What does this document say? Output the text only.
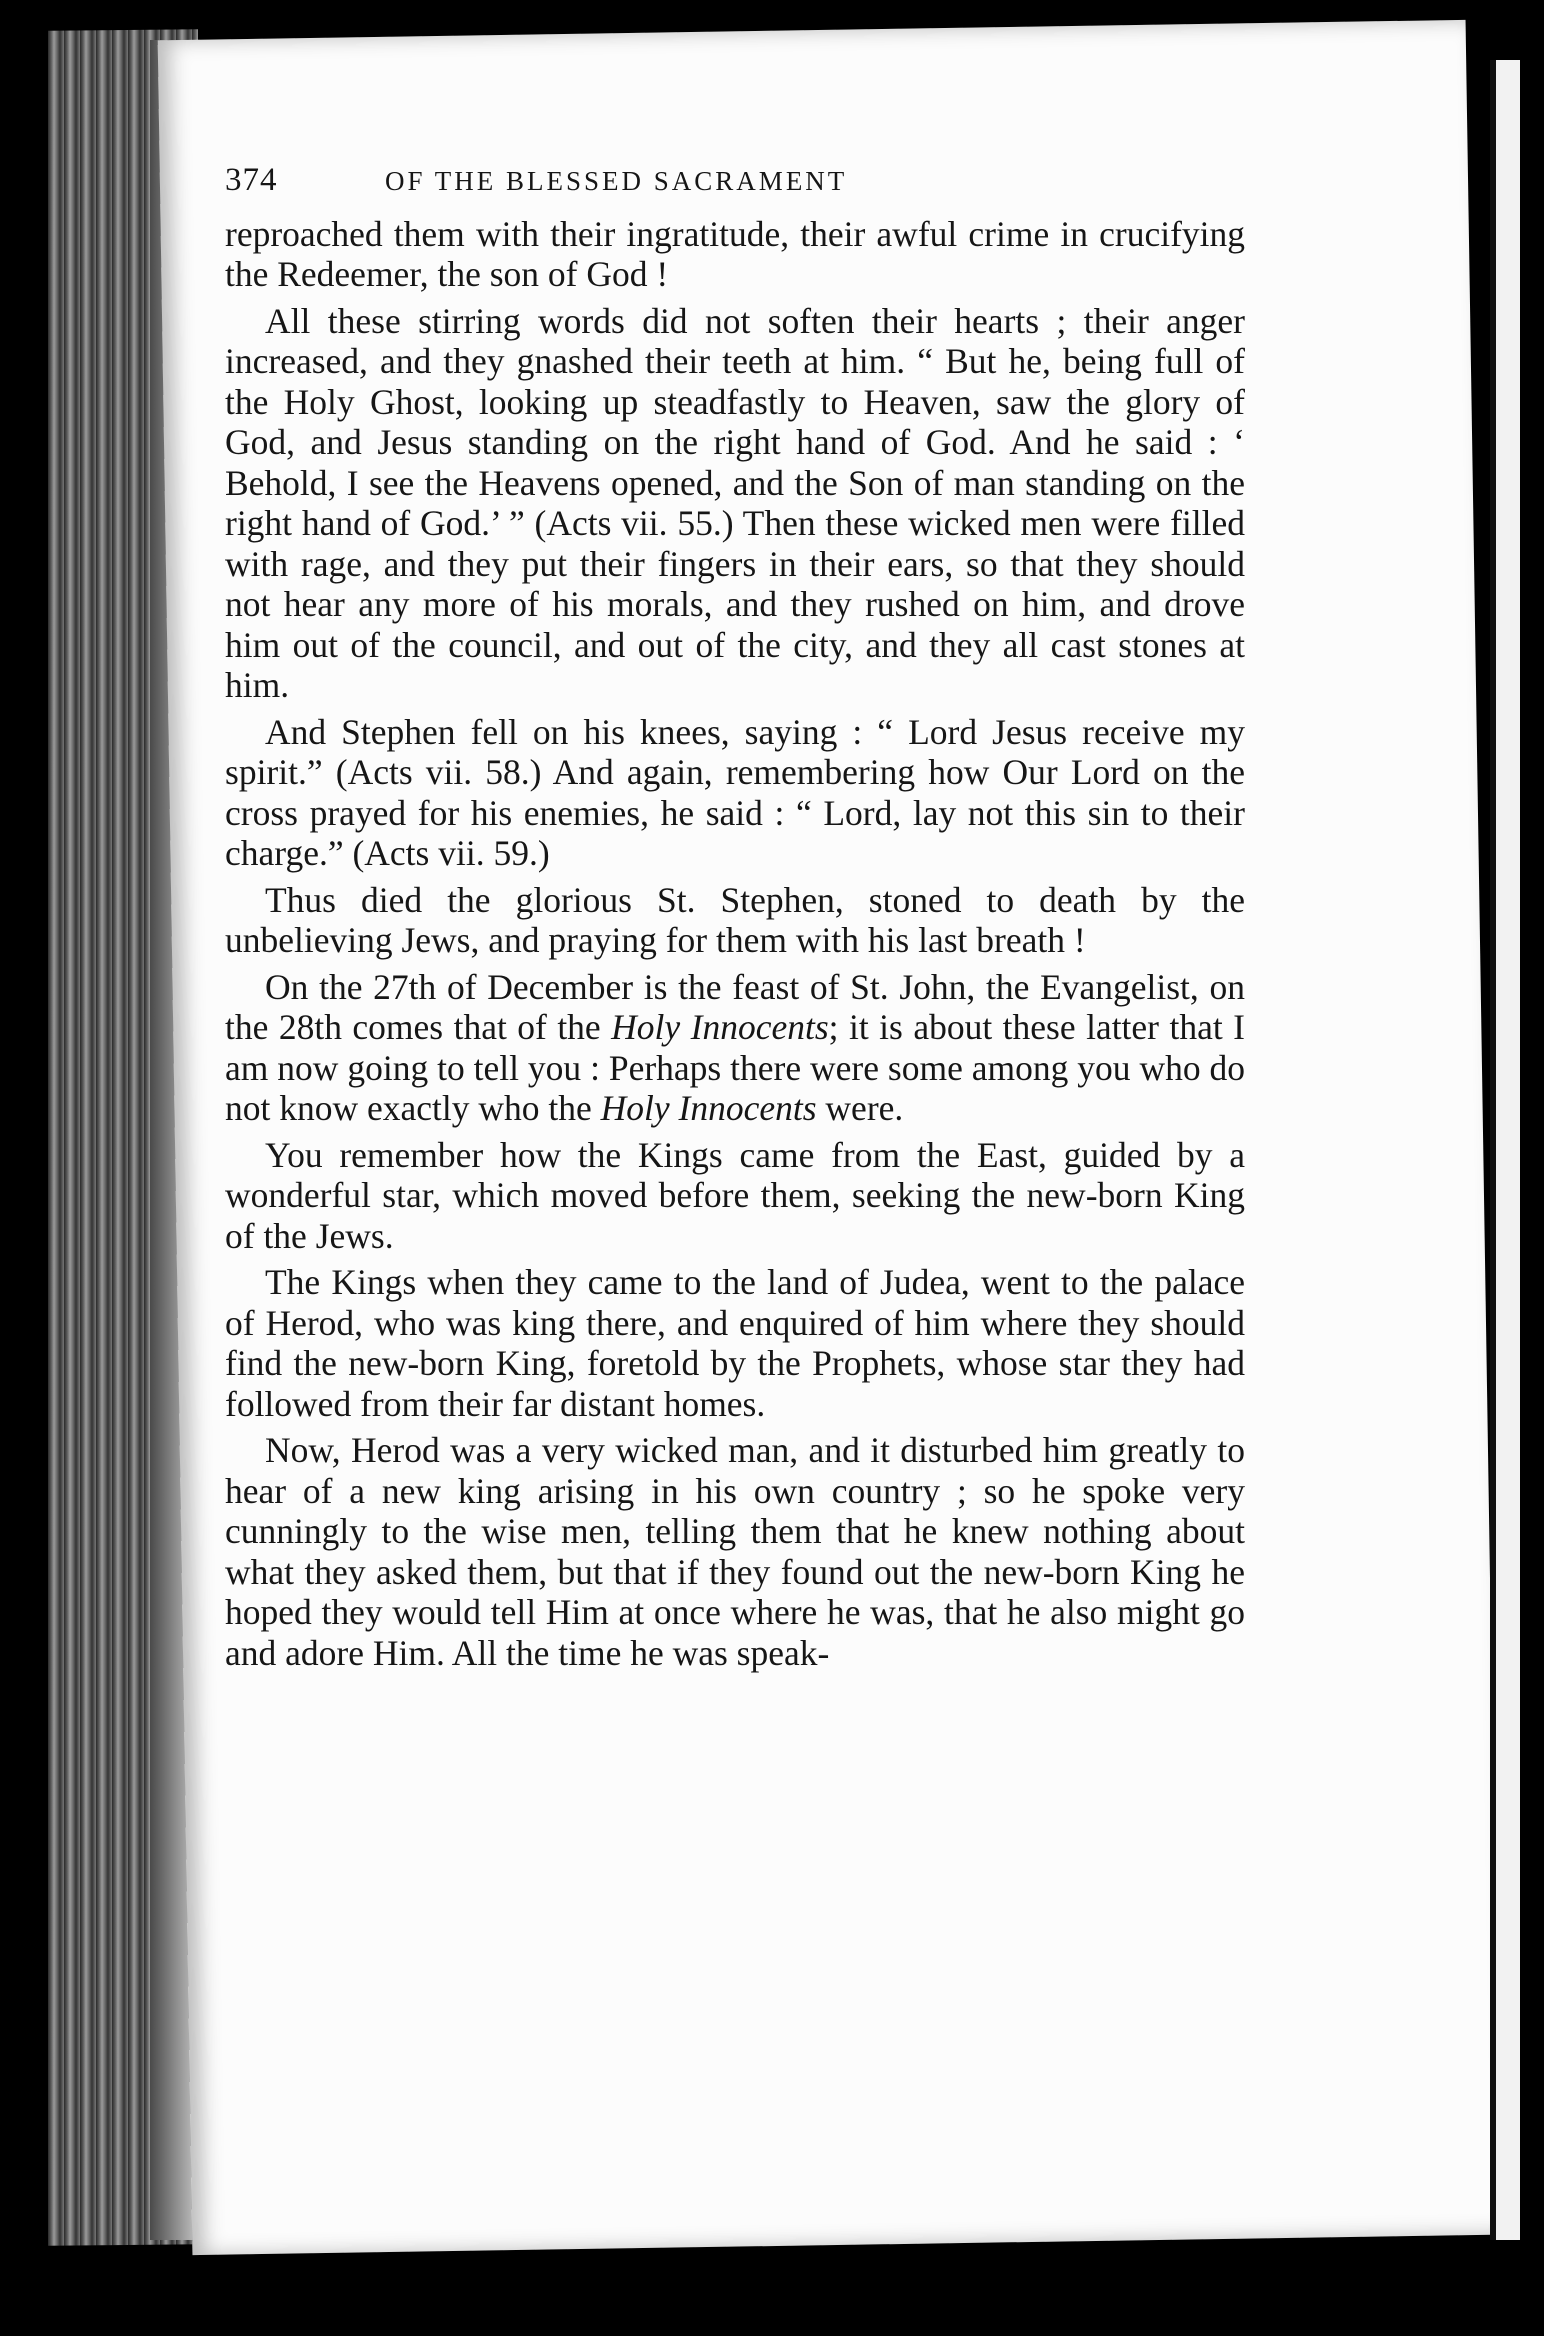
374	OF THE BLESSED SACRAMENT

reproached them with their ingratitude, their awful crime in crucifying the Redeemer, the son of God !

All these stirring words did not soften their hearts ; their anger increased, and they gnashed their teeth at him. “ But he, being full of the Holy Ghost, looking up steadfastly to Heaven, saw the glory of God, and Jesus standing on the right hand of God. And he said : ‘ Behold, I see the Heavens opened, and the Son of man standing on the right hand of God.’ ” (Acts vii. 55.) Then these wicked men were filled with rage, and they put their fingers in their ears, so that they should not hear any more of his morals, and they rushed on him, and drove him out of the council, and out of the city, and they all cast stones at him.

And Stephen fell on his knees, saying : “ Lord Jesus receive my spirit.” (Acts vii. 58.) And again, remembering how Our Lord on the cross prayed for his enemies, he said : “ Lord, lay not this sin to their charge.” (Acts vii. 59.)

Thus died the glorious St. Stephen, stoned to death by the unbelieving Jews, and praying for them with his last breath !

On the 27th of December is the feast of St. John, the Evangelist, on the 28th comes that of the Holy Innocents; it is about these latter that I am now going to tell you : Perhaps there were some among you who do not know exactly who the Holy Innocents were.

You remember how the Kings came from the East, guided by a wonderful star, which moved before them, seeking the new-born King of the Jews.

The Kings when they came to the land of Judea, went to the palace of Herod, who was king there, and enquired of him where they should find the new-born King, foretold by the Prophets, whose star they had followed from their far distant homes.

Now, Herod was a very wicked man, and it disturbed him greatly to hear of a new king arising in his own country ; so he spoke very cunningly to the wise men, telling them that he knew nothing about what they asked them, but that if they found out the new-born King he hoped they would tell Him at once where he was, that he also might go and adore Him. All the time he was speak-
